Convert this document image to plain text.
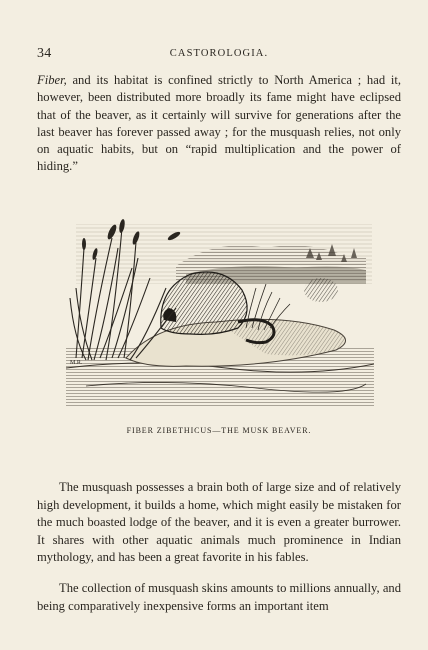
34	CASTOROLOGIA.

Fiber, and its habitat is confined strictly to North America ; had it, however, been distributed more broadly its fame might have eclipsed that of the beaver, as it certainly will survive for generations after the last beaver has forever passed away ; for the musquash relies, not only on aquatic habits, but on “rapid multiplication and the power of hiding.”

M.R.
FIBER ZIBETHICUS—THE MUSK BEAVER.

The musquash possesses a brain both of large size and of relatively high development, it builds a home, which might easily be mistaken for the much boasted lodge of the beaver, and it is even a greater burrower. It shares with other aquatic animals much prominence in Indian mythology, and has been a great favorite in his fables.

The collection of musquash skins amounts to millions annually, and being comparatively inexpensive forms an important item
